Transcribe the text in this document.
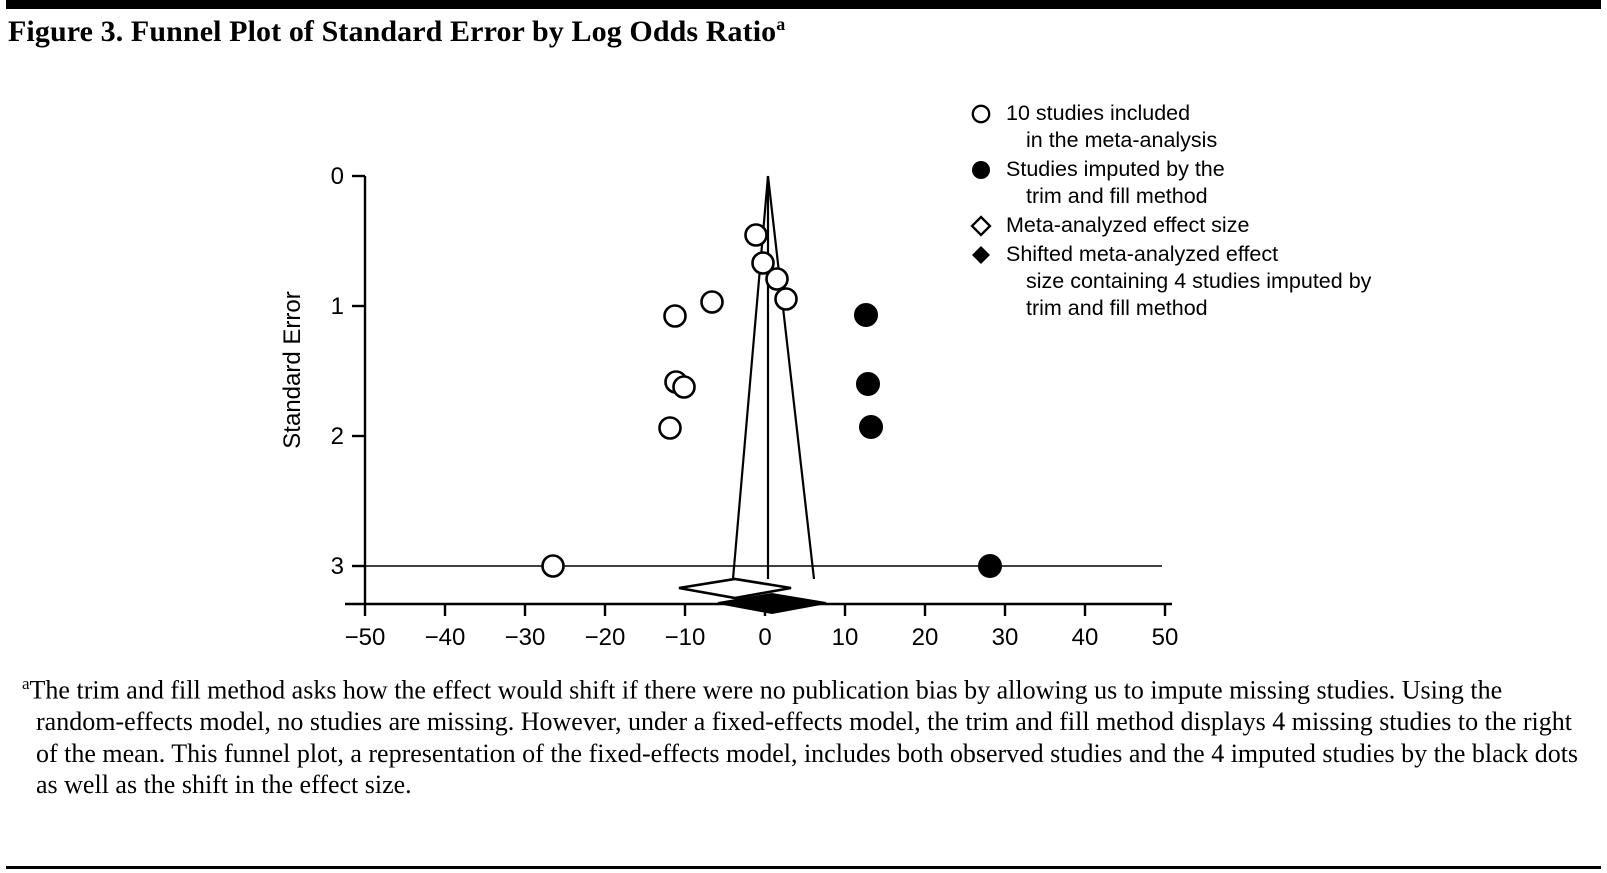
Figure 3. Funnel Plot of Standard Error by Log Odds Ratio$^a$
0
1
2
3
−50 −40 −30 −20 −10 0 10 20 30 40 50
Standard Error
10 studies included
in the meta-analysis
Studies imputed by the
trim and fill method
Meta-analyzed effect size
Shifted meta-analyzed effect
size containing 4 studies imputed by trim and fill method
$^a$The trim and fill method asks how the effect would shift if there were no publication bias by allowing us to impute missing studies. Using the random-effects model, no studies are missing. However, under a fixed-effects model, the trim and fill method displays 4 missing studies to the right of the mean. This funnel plot, a representation of the fixed-effects model, includes both observed studies and the 4 imputed studies by the black dots as well as the shift in the effect size.
